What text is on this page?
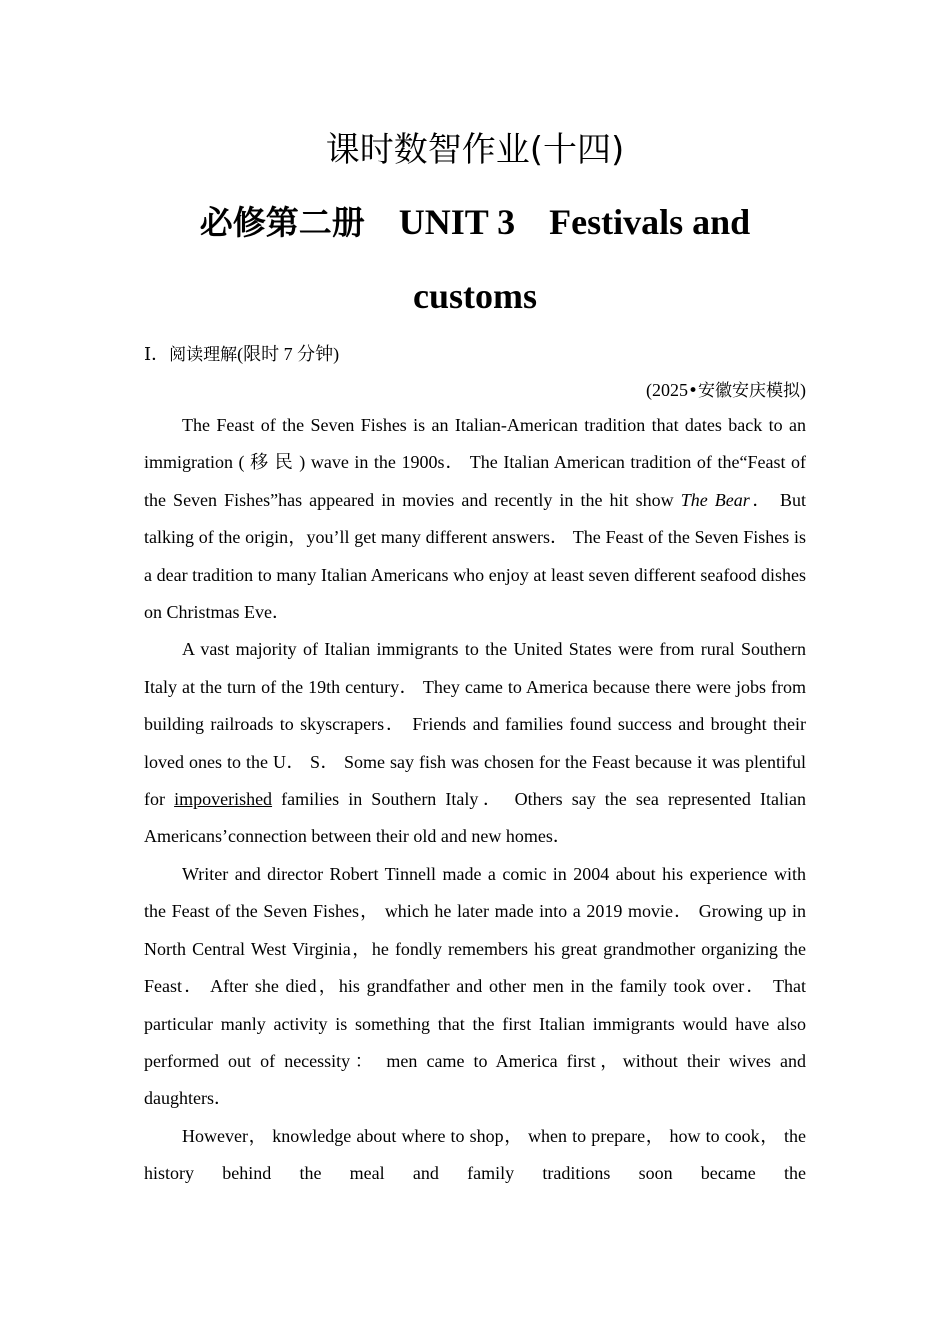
课时数智作业(十四)
必修第二册 UNIT 3 Festivals and
customs
Ⅰ．阅读理解(限时 7 分钟)
(2025•安徽安庆模拟)

The Feast of the Seven Fishes is an Italian-American tradition that dates back to an immigration ( 移 民 ) wave in the 1900s． The Italian American tradition of the“Feast of the Seven Fishes”has appeared in movies and recently in the hit show The Bear． But talking of the origin，you’ll get many different answers． The Feast of the Seven Fishes is a dear tradition to many Italian Americans who enjoy at least seven different seafood dishes on Christmas Eve．

A vast majority of Italian immigrants to the United States were from rural Southern Italy at the turn of the 19th century． They came to America because there were jobs from building railroads to skyscrapers． Friends and families found success and brought their loved ones to the U． S． Some say fish was chosen for the Feast because it was plentiful for impoverished families in Southern Italy． Others say the sea represented Italian Americans’connection between their old and new homes．

Writer and director Robert Tinnell made a comic in 2004 about his experience with the Feast of the Seven Fishes， which he later made into a 2019 movie． Growing up in North Central West Virginia，he fondly remembers his great grandmother organizing the Feast． After she died，his grandfather and other men in the family took over． That particular manly activity is something that the first Italian immigrants would have also performed out of necessity： men came to America first，without their wives and daughters．

However， knowledge about where to shop， when to prepare， how to cook， the history behind the meal and family traditions soon became the
